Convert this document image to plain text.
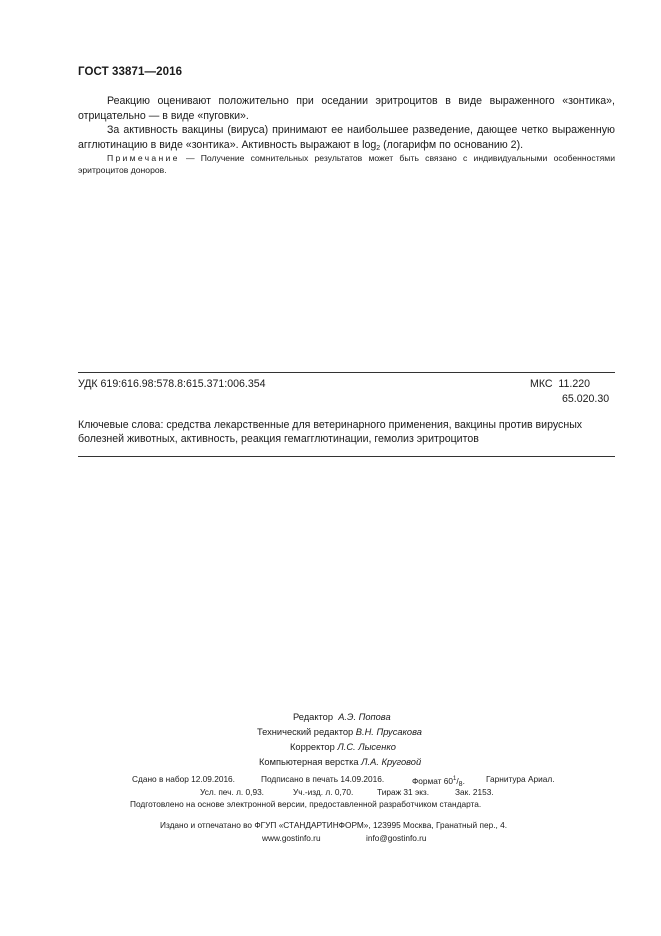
ГОСТ 33871—2016
Реакцию оценивают положительно при оседании эритроцитов в виде выраженного «зонтика», отрицательно — в виде «пуговки».
За активность вакцины (вируса) принимают ее наибольшее разведение, дающее четко выраженную агглютинацию в виде «зонтика». Активность выражают в $\log_2$ (логарифм по основанию 2).
Примечание — Получение сомнительных результатов может быть связано с индивидуальными особенностями эритроцитов доноров.
УДК 619:616.98:578.8:615.371:006.354	МКС 11.220
65.020.30
Ключевые слова: средства лекарственные для ветеринарного применения, вакцины против вирусных болезней животных, активность, реакция гемагглютинации, гемолиз эритроцитов
Редактор А.Э. Попова
Технический редактор В.Н. Прусакова
Корректор Л.С. Лысенко
Компьютерная верстка Л.А. Круговой
Сдано в набор 12.09.2016.	Подписано в печать 14.09.2016.	Формат $60^1/_8$.	Гарнитура Ариал.
Усл. печ. л. 0,93.	Уч.-изд. л. 0,70.	Тираж 31 экз.	Зак. 2153.
Подготовлено на основе электронной версии, предоставленной разработчиком стандарта.
Издано и отпечатано во ФГУП «СТАНДАРТИНФОРМ», 123995 Москва, Гранатный пер., 4.
www.gostinfo.ru	info@gostinfo.ru
